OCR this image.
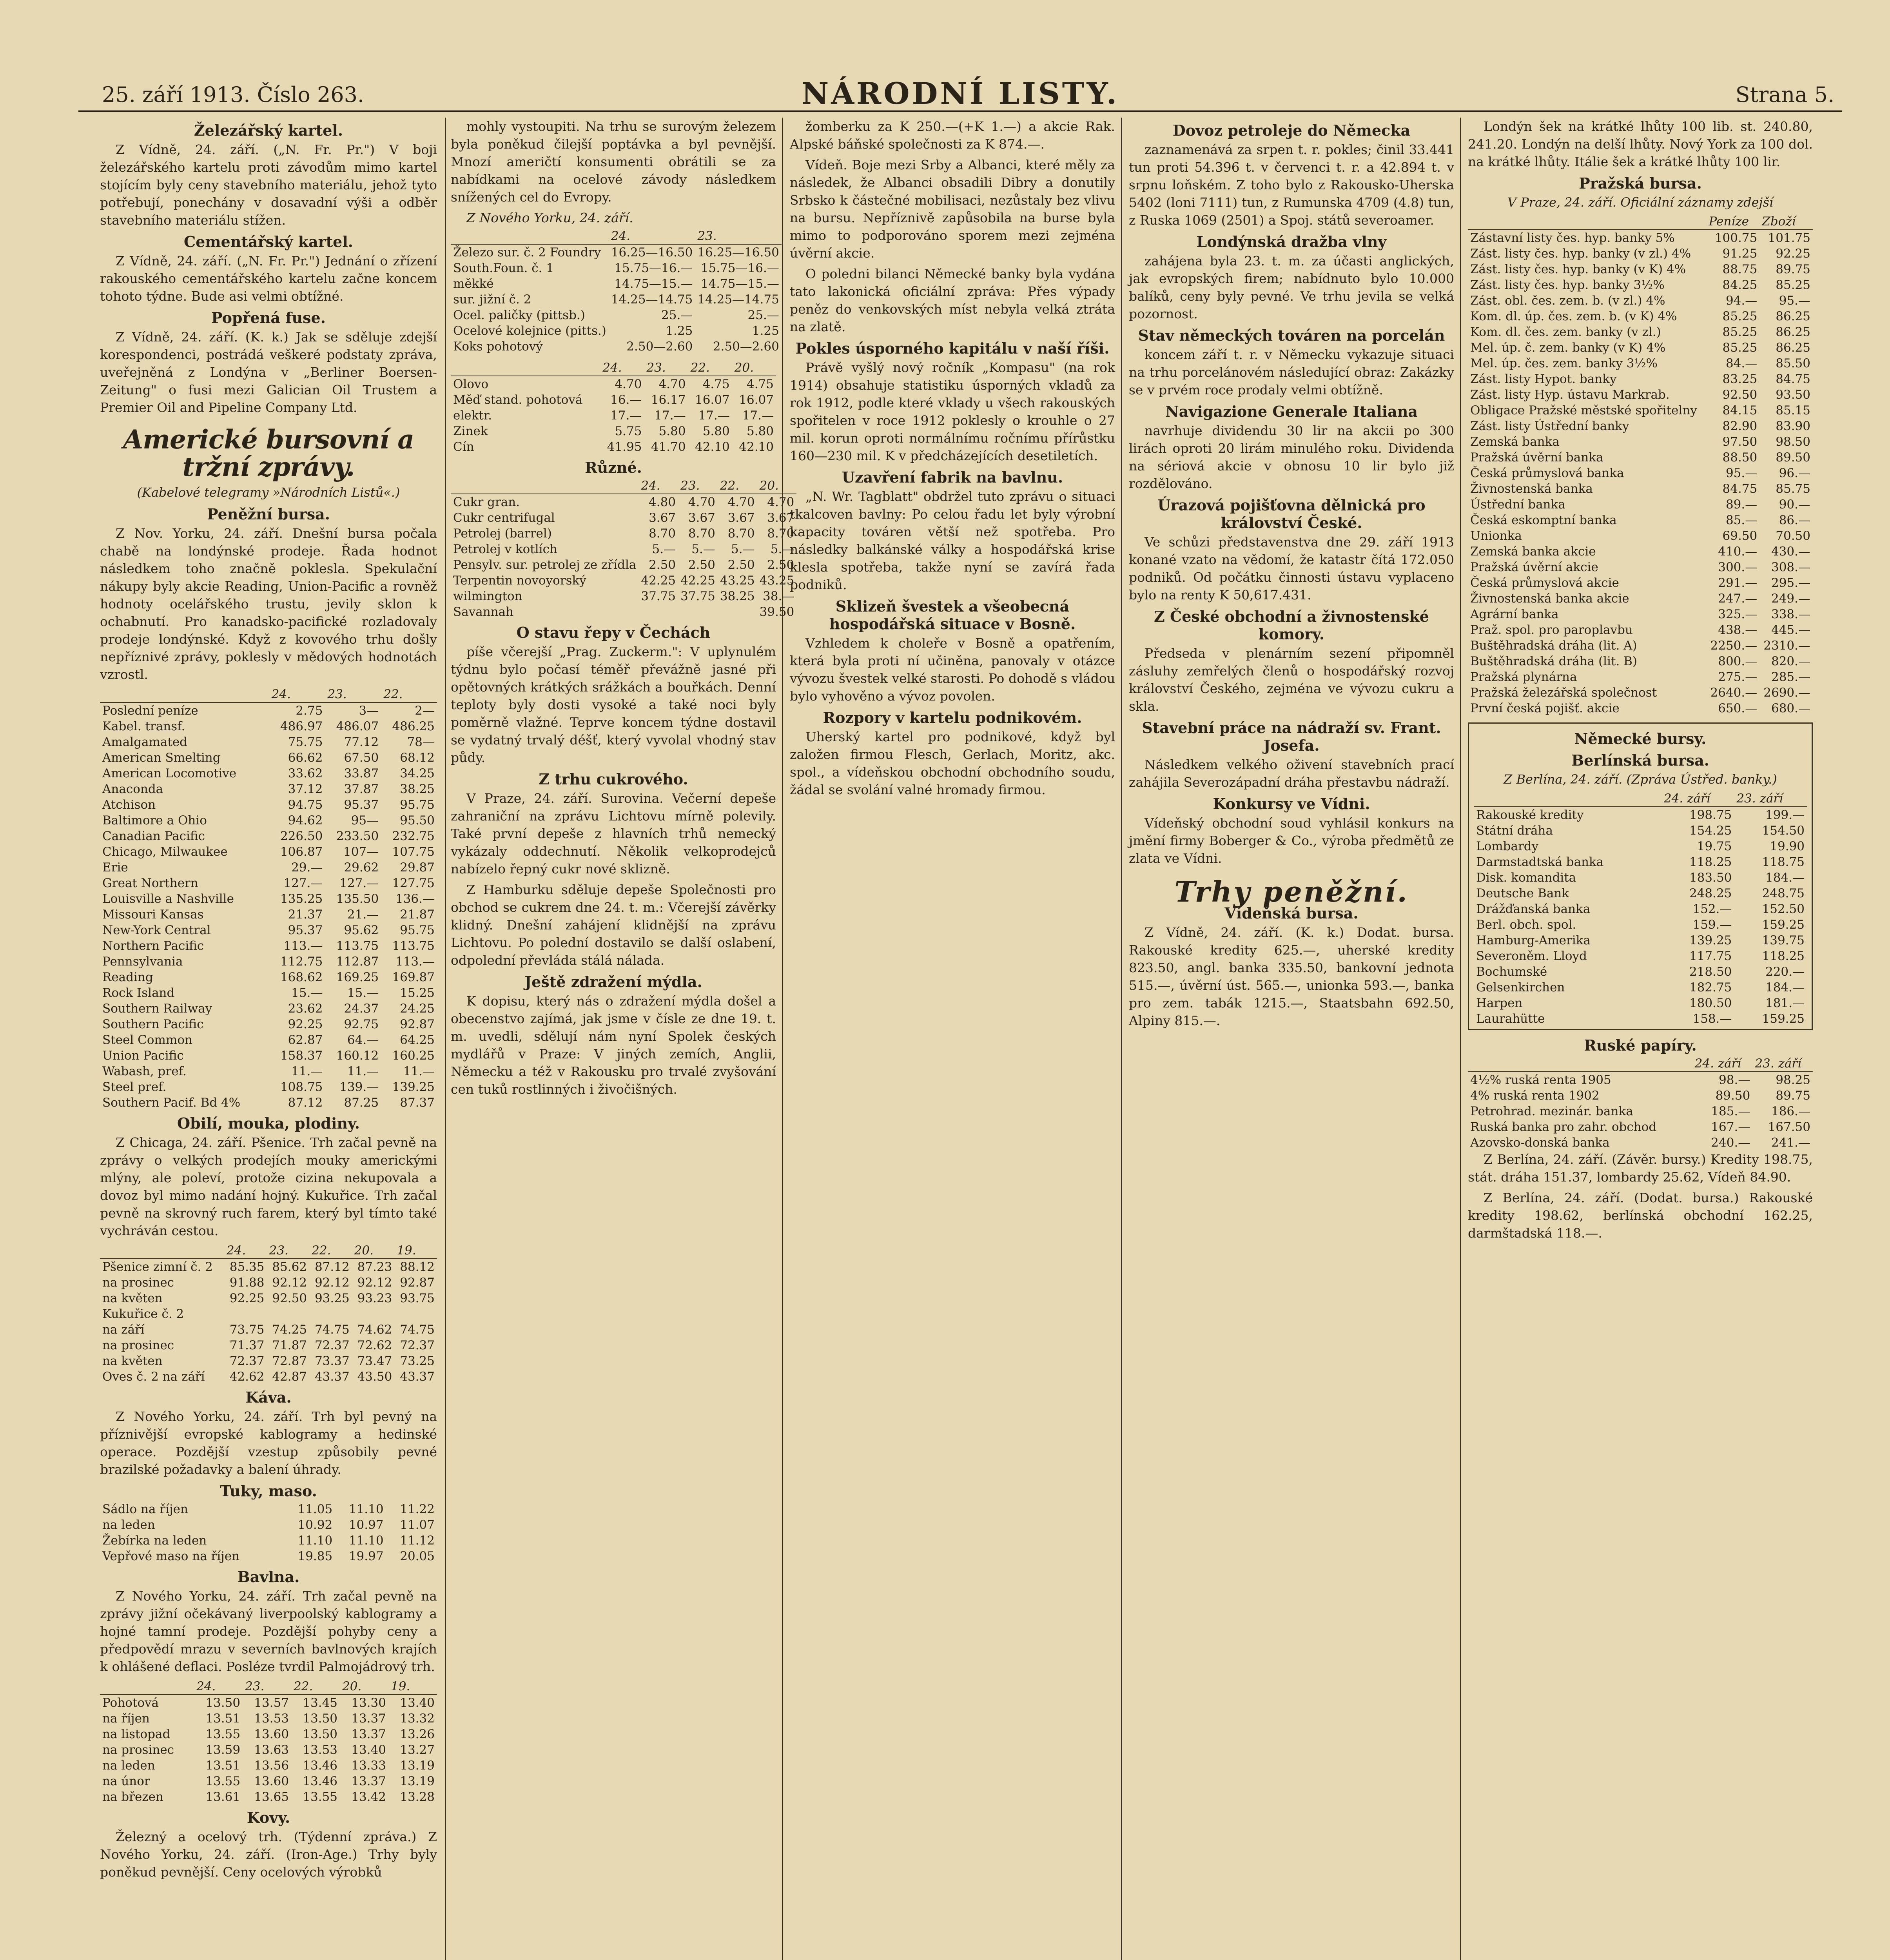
25. září 1913. Číslo 263.	NÁRODNÍ LISTY.	Strana 5.
Železářský kartel.

Z Vídně, 24. září. („N. Fr. Pr.") V boji železářského kartelu proti závodům mimo kartel stojícím byly ceny stavebního materiálu, jehož tyto potřebují, ponechány v dosavadní výši a odběr stavebního materiálu stížen.

Cementářský kartel.

Z Vídně, 24. září. („N. Fr. Pr.") Jednání o zřízení rakouského cementářského kartelu začne koncem tohoto týdne. Bude asi velmi obtížné.

Popřená fuse.

Z Vídně, 24. září. (K. k.) Jak se sděluje zdejší korespondenci, postrádá veškeré podstaty zpráva, uveřejněná z Londýna v „Berliner Boersen-Zeitung" o fusi mezi Galician Oil Trustem a Premier Oil and Pipeline Company Ltd.

Americké bursovní a tržní zprávy.
(Kabelové telegramy »Národních Listů«.)
Peněžní bursa.

Z Nov. Yorku, 24. září. Dnešní bursa počala chabě na londýnské prodeje. Řada hodnot následkem toho značně poklesla. Spekulační nákupy byly akcie Reading, Union-Pacific a rovněž hodnoty ocelářského trustu, jevily sklon k ochabnutí. Pro kanadsko-pacifické rozladovaly prodeje londýnské. Když z kovového trhu došly nepříznivé zprávy, poklesly v mědových hodnotách vzrostl.

	24.	23.	22.
Poslední peníze	2.75	3—	2—
Kabel. transf.	486.97	486.07	486.25
Amalgamated	75.75	77.12	78—
American Smelting	66.62	67.50	68.12
American Locomotive	33.62	33.87	34.25
Anaconda	37.12	37.87	38.25
Atchison	94.75	95.37	95.75
Baltimore a Ohio	94.62	95—	95.50
Canadian Pacific	226.50	233.50	232.75
Chicago, Milwaukee	106.87	107—	107.75
Erie	29.—	29.62	29.87
Great Northern	127.—	127.—	127.75
Louisville a Nashville	135.25	135.50	136.—
Missouri Kansas	21.37	21.—	21.87
New-York Central	95.37	95.62	95.75
Northern Pacific	113.—	113.75	113.75
Pennsylvania	112.75	112.87	113.—
Reading	168.62	169.25	169.87
Rock Island	15.—	15.—	15.25
Southern Railway	23.62	24.37	24.25
Southern Pacific	92.25	92.75	92.87
Steel Common	62.87	64.—	64.25
Union Pacific	158.37	160.12	160.25
Wabash, pref.	11.—	11.—	11.—
Steel pref.	108.75	139.—	139.25
Southern Pacif. Bd 4%	87.12	87.25	87.37
Obilí, mouka, plodiny.

Z Chicaga, 24. září. Pšenice. Trh začal pevně na zprávy o velkých prodejích mouky americkými mlýny, ale poleví, protože cizina nekupovala a dovoz byl mimo nadání hojný. Kukuřice. Trh začal pevně na skrovný ruch farem, který byl tímto také vychráván cestou.

	24.	23.	22.	20.	19.
Pšenice zimní č. 2	85.35	85.62	87.12	87.23	88.12
na prosinec	91.88	92.12	92.12	92.12	92.87
na květen	92.25	92.50	93.25	93.23	93.75
Kukuřice č. 2					
na září	73.75	74.25	74.75	74.62	74.75
na prosinec	71.37	71.87	72.37	72.62	72.37
na květen	72.37	72.87	73.37	73.47	73.25
Oves č. 2 na září	42.62	42.87	43.37	43.50	43.37
Káva.

Z Nového Yorku, 24. září. Trh byl pevný na příznivější evropské kablogramy a hedinské operace. Pozdější vzestup způsobily pevné brazilské požadavky a balení úhrady.

Tuky, maso.
Sádlo na říjen	11.05	11.10	11.22
na leden	10.92	10.97	11.07
Žebírka na leden	11.10	11.10	11.12
Vepřové maso na říjen	19.85	19.97	20.05
Bavlna.

Z Nového Yorku, 24. září. Trh začal pevně na zprávy jižní očekávaný liverpoolský kablogramy a hojné tamní prodeje. Pozdější pohyby ceny a předpovědí mrazu v severních bavlnových krajích k ohlášené deflaci. Posléze tvrdil Palmojádrový trh.

	24.	23.	22.	20.	19.
Pohotová	13.50	13.57	13.45	13.30	13.40
na říjen	13.51	13.53	13.50	13.37	13.32
na listopad	13.55	13.60	13.50	13.37	13.26
na prosinec	13.59	13.63	13.53	13.40	13.27
na leden	13.51	13.56	13.46	13.33	13.19
na únor	13.55	13.60	13.46	13.37	13.19
na březen	13.61	13.65	13.55	13.42	13.28
Kovy.

Železný a ocelový trh. (Týdenní zpráva.) Z Nového Yorku, 24. září. (Iron-Age.) Trhy byly poněkud pevnější. Ceny ocelových výrobků

mohly vystoupiti. Na trhu se surovým železem byla poněkud čilejší poptávka a byl pevnější. Mnozí američtí konsumenti obrátili se za nabídkami na ocelové závody následkem snížených cel do Evropy.

Z Nového Yorku, 24. září.
	24.	23.
Železo sur. č. 2 Foundry	16.25—16.50	16.25—16.50
South.Foun. č. 1	15.75—16.—	15.75—16.—
měkké	14.75—15.—	14.75—15.—
sur. jižní č. 2	14.25—14.75	14.25—14.75
Ocel. paličky (pittsb.)	25.—	25.—
Ocelové kolejnice (pitts.)	1.25	1.25
Koks pohotový	2.50—2.60	2.50—2.60
	24.	23.	22.	20.
Olovo	4.70	4.70	4.75	4.75
Měď stand. pohotová	16.—	16.17	16.07	16.07
elektr.	17.—	17.—	17.—	17.—
Zinek	5.75	5.80	5.80	5.80
Cín	41.95	41.70	42.10	42.10
Různé.
	24.	23.	22.	20.
Cukr gran.	4.80	4.70	4.70	4.70
Cukr centrifugal	3.67	3.67	3.67	3.67
Petrolej (barrel)	8.70	8.70	8.70	8.70
Petrolej v kotlích	5.—	5.—	5.—	5.—
Pensylv. sur. petrolej ze zřídla	2.50	2.50	2.50	2.50
Terpentin novoyorský	42.25	42.25	43.25	43.25
wilmington	37.75	37.75	38.25	38.—
Savannah				39.50
O stavu řepy v Čechách

píše včerejší „Prag. Zuckerm.": V uplynulém týdnu bylo počasí téměř převážně jasné při opětovných krátkých srážkách a bouřkách. Denní teploty byly dosti vysoké a také noci byly poměrně vlažné. Teprve koncem týdne dostavil se vydatný trvalý déšť, který vyvolal vhodný stav půdy.

Z trhu cukrového.

V Praze, 24. září. Surovina. Večerní depeše zahraniční na zprávu Lichtovu mírně polevily. Také první depeše z hlavních trhů nemecký vykázaly oddechnutí. Několik velkoprodejců nabízelo řepný cukr nové sklizně.

Z Hamburku sděluje depeše Společnosti pro obchod se cukrem dne 24. t. m.: Včerejší závěrky klidný. Dnešní zahájení klidnější na zprávu Lichtovu. Po polední dostavilo se další oslabení, odpolední převláda stálá nálada.

Ještě zdražení mýdla.

K dopisu, který nás o zdražení mýdla došel a obecenstvo zajímá, jak jsme v čísle ze dne 19. t. m. uvedli, sdělují nám nyní Spolek českých mydlářů v Praze: V jiných zemích, Anglii, Německu a též v Rakousku pro trvalé zvyšování cen tuků rostlinných i živočišných.

žomberku za K 250.—(+K 1.—) a akcie Rak. Alpské báňské společnosti za K 874.—.

Vídeň. Boje mezi Srby a Albanci, které měly za následek, že Albanci obsadili Dibry a donutily Srbsko k částečné mobilisaci, nezůstaly bez vlivu na bursu. Nepříznivě zapůsobila na burse byla mimo to podporováno sporem mezi zejména úvěrní akcie.

O poledni bilanci Německé banky byla vydána tato lakonická oficiální zpráva: Přes výpady peněz do venkovských míst nebyla velká ztráta na zlatě.

Pokles úsporného kapitálu v naší říši.

Právě vyšlý nový ročník „Kompasu" (na rok 1914) obsahuje statistiku úsporných vkladů za rok 1912, podle které vklady u všech rakouských spořitelen v roce 1912 poklesly o krouhle o 27 mil. korun oproti normálnímu ročnímu přírůstku 160—230 mil. K v předcházejících desetiletích.

Uzavření fabrik na bavlnu.

„N. Wr. Tagblatt" obdržel tuto zprávu o situaci tkalcoven bavlny: Po celou řadu let byly výrobní kapacity továren větší než spotřeba. Pro následky balkánské války a hospodářská krise klesla spotřeba, takže nyní se zavírá řada podniků.

Sklizeň švestek a všeobecná hospodářská situace v Bosně.

Vzhledem k choleře v Bosně a opatřením, která byla proti ní učiněna, panovaly v otázce vývozu švestek velké starosti. Po dohodě s vládou bylo vyhověno a vývoz povolen.

Rozpory v kartelu podnikovém.

Uherský kartel pro podnikové, když byl založen firmou Flesch, Gerlach, Moritz, akc. spol., a vídeňskou obchodní obchodního soudu, žádal se svolání valné hromady firmou.

Dovoz petroleje do Německa

zaznamenává za srpen t. r. pokles; činil 33.441 tun proti 54.396 t. v červenci t. r. a 42.894 t. v srpnu loňském. Z toho bylo z Rakousko-Uherska 5402 (loni 7111) tun, z Rumunska 4709 (4.8) tun, z Ruska 1069 (2501) a Spoj. států severoamer.

Londýnská dražba vlny

zahájena byla 23. t. m. za účasti anglických, jak evropských firem; nabídnuto bylo 10.000 balíků, ceny byly pevné. Ve trhu jevila se velká pozornost.

Stav německých továren na porcelán

koncem září t. r. v Německu vykazuje situaci na trhu porcelánovém následující obraz: Zakázky se v prvém roce prodaly velmi obtížně.

Navigazione Generale Italiana

navrhuje dividendu 30 lir na akcii po 300 lirách oproti 20 lirám minulého roku. Dividenda na sériová akcie v obnosu 10 lir bylo již rozdělováno.

Úrazová pojišťovna dělnická pro království České.

Ve schůzi představenstva dne 29. září 1913 konané vzato na vědomí, že katastr čítá 172.050 podniků. Od počátku činnosti ústavu vyplaceno bylo na renty K 50,617.431.

Z České obchodní a živnostenské komory.

Předseda v plenárním sezení připomněl zásluhy zemřelých členů o hospodářský rozvoj království Českého, zejména ve vývozu cukru a skla.

Stavební práce na nádraží sv. Frant. Josefa.

Následkem velkého oživení stavebních prací zahájila Severozápadní dráha přestavbu nádraží.

Konkursy ve Vídni.

Vídeňský obchodní soud vyhlásil konkurs na jmění firmy Boberger & Co., výroba předmětů ze zlata ve Vídni.

Trhy peněžní.
Vídeňská bursa.

Z Vídně, 24. září. (K. k.) Dodat. bursa. Rakouské kredity 625.—, uherské kredity 823.50, angl. banka 335.50, bankovní jednota 515.—, úvěrní úst. 565.—, unionka 593.—, banka pro zem. tabák 1215.—, Staatsbahn 692.50, Alpiny 815.—.

Londýn šek na krátké lhůty 100 lib. st. 240.80, 241.20. Londýn na delší lhůty. Nový York za 100 dol. na krátké lhůty. Itálie šek a krátké lhůty 100 lir.

Pražská bursa.
V Praze, 24. září. Oficiální záznamy zdejší
	Peníze	Zboží
Zástavní listy čes. hyp. banky 5%	100.75	101.75
Zást. listy čes. hyp. banky (v zl.) 4%	91.25	92.25
Zást. listy čes. hyp. banky (v K) 4%	88.75	89.75
Zást. listy čes. hyp. banky 3½%	84.25	85.25
Zást. obl. čes. zem. b. (v zl.) 4%	94.—	95.—
Kom. dl. úp. čes. zem. b. (v K) 4%	85.25	86.25
Kom. dl. čes. zem. banky (v zl.)	85.25	86.25
Mel. úp. č. zem. banky (v K) 4%	85.25	86.25
Mel. úp. čes. zem. banky 3½%	84.—	85.50
Zást. listy Hypot. banky	83.25	84.75
Zást. listy Hyp. ústavu Markrab.	92.50	93.50
Obligace Pražské městské spořitelny	84.15	85.15
Zást. listy Ústřední banky	82.90	83.90
Zemská banka	97.50	98.50
Pražská úvěrní banka	88.50	89.50
Česká průmyslová banka	95.—	96.—
Živnostenská banka	84.75	85.75
Ústřední banka	89.—	90.—
Česká eskomptní banka	85.—	86.—
Unionka	69.50	70.50
Zemská banka akcie	410.—	430.—
Pražská úvěrní akcie	300.—	308.—
Česká průmyslová akcie	291.—	295.—
Živnostenská banka akcie	247.—	249.—
Agrární banka	325.—	338.—
Praž. spol. pro paroplavbu	438.—	445.—
Buštěhradská dráha (lit. A)	2250.—	2310.—
Buštěhradská dráha (lit. B)	800.—	820.—
Pražská plynárna	275.—	285.—
Pražská železářská společnost	2640.—	2690.—
První česká pojišť. akcie	650.—	680.—
Německé bursy.
Berlínská bursa.
Z Berlína, 24. září. (Zpráva Ústřed. banky.)
	24. září	23. září
Rakouské kredity	198.75	199.—
Státní dráha	154.25	154.50
Lombardy	19.75	19.90
Darmstadtská banka	118.25	118.75
Disk. komandita	183.50	184.—
Deutsche Bank	248.25	248.75
Drážďanská banka	152.—	152.50
Berl. obch. spol.	159.—	159.25
Hamburg-Amerika	139.25	139.75
Severoněm. Lloyd	117.75	118.25
Bochumské	218.50	220.—
Gelsenkirchen	182.75	184.—
Harpen	180.50	181.—
Laurahütte	158.—	159.25
Ruské papíry.
	24. září	23. září
4½% ruská renta 1905	98.—	98.25
4% ruská renta 1902	89.50	89.75
Petrohrad. mezinár. banka	185.—	186.—
Ruská banka pro zahr. obchod	167.—	167.50
Azovsko-donská banka	240.—	241.—

Z Berlína, 24. září. (Závěr. bursy.) Kredity 198.75, stát. dráha 151.37, lombardy 25.62, Vídeň 84.90.

Z Berlína, 24. září. (Dodat. bursa.) Rakouské kredity 198.62, berlínská obchodní 162.25, darmštadská 118.—.
